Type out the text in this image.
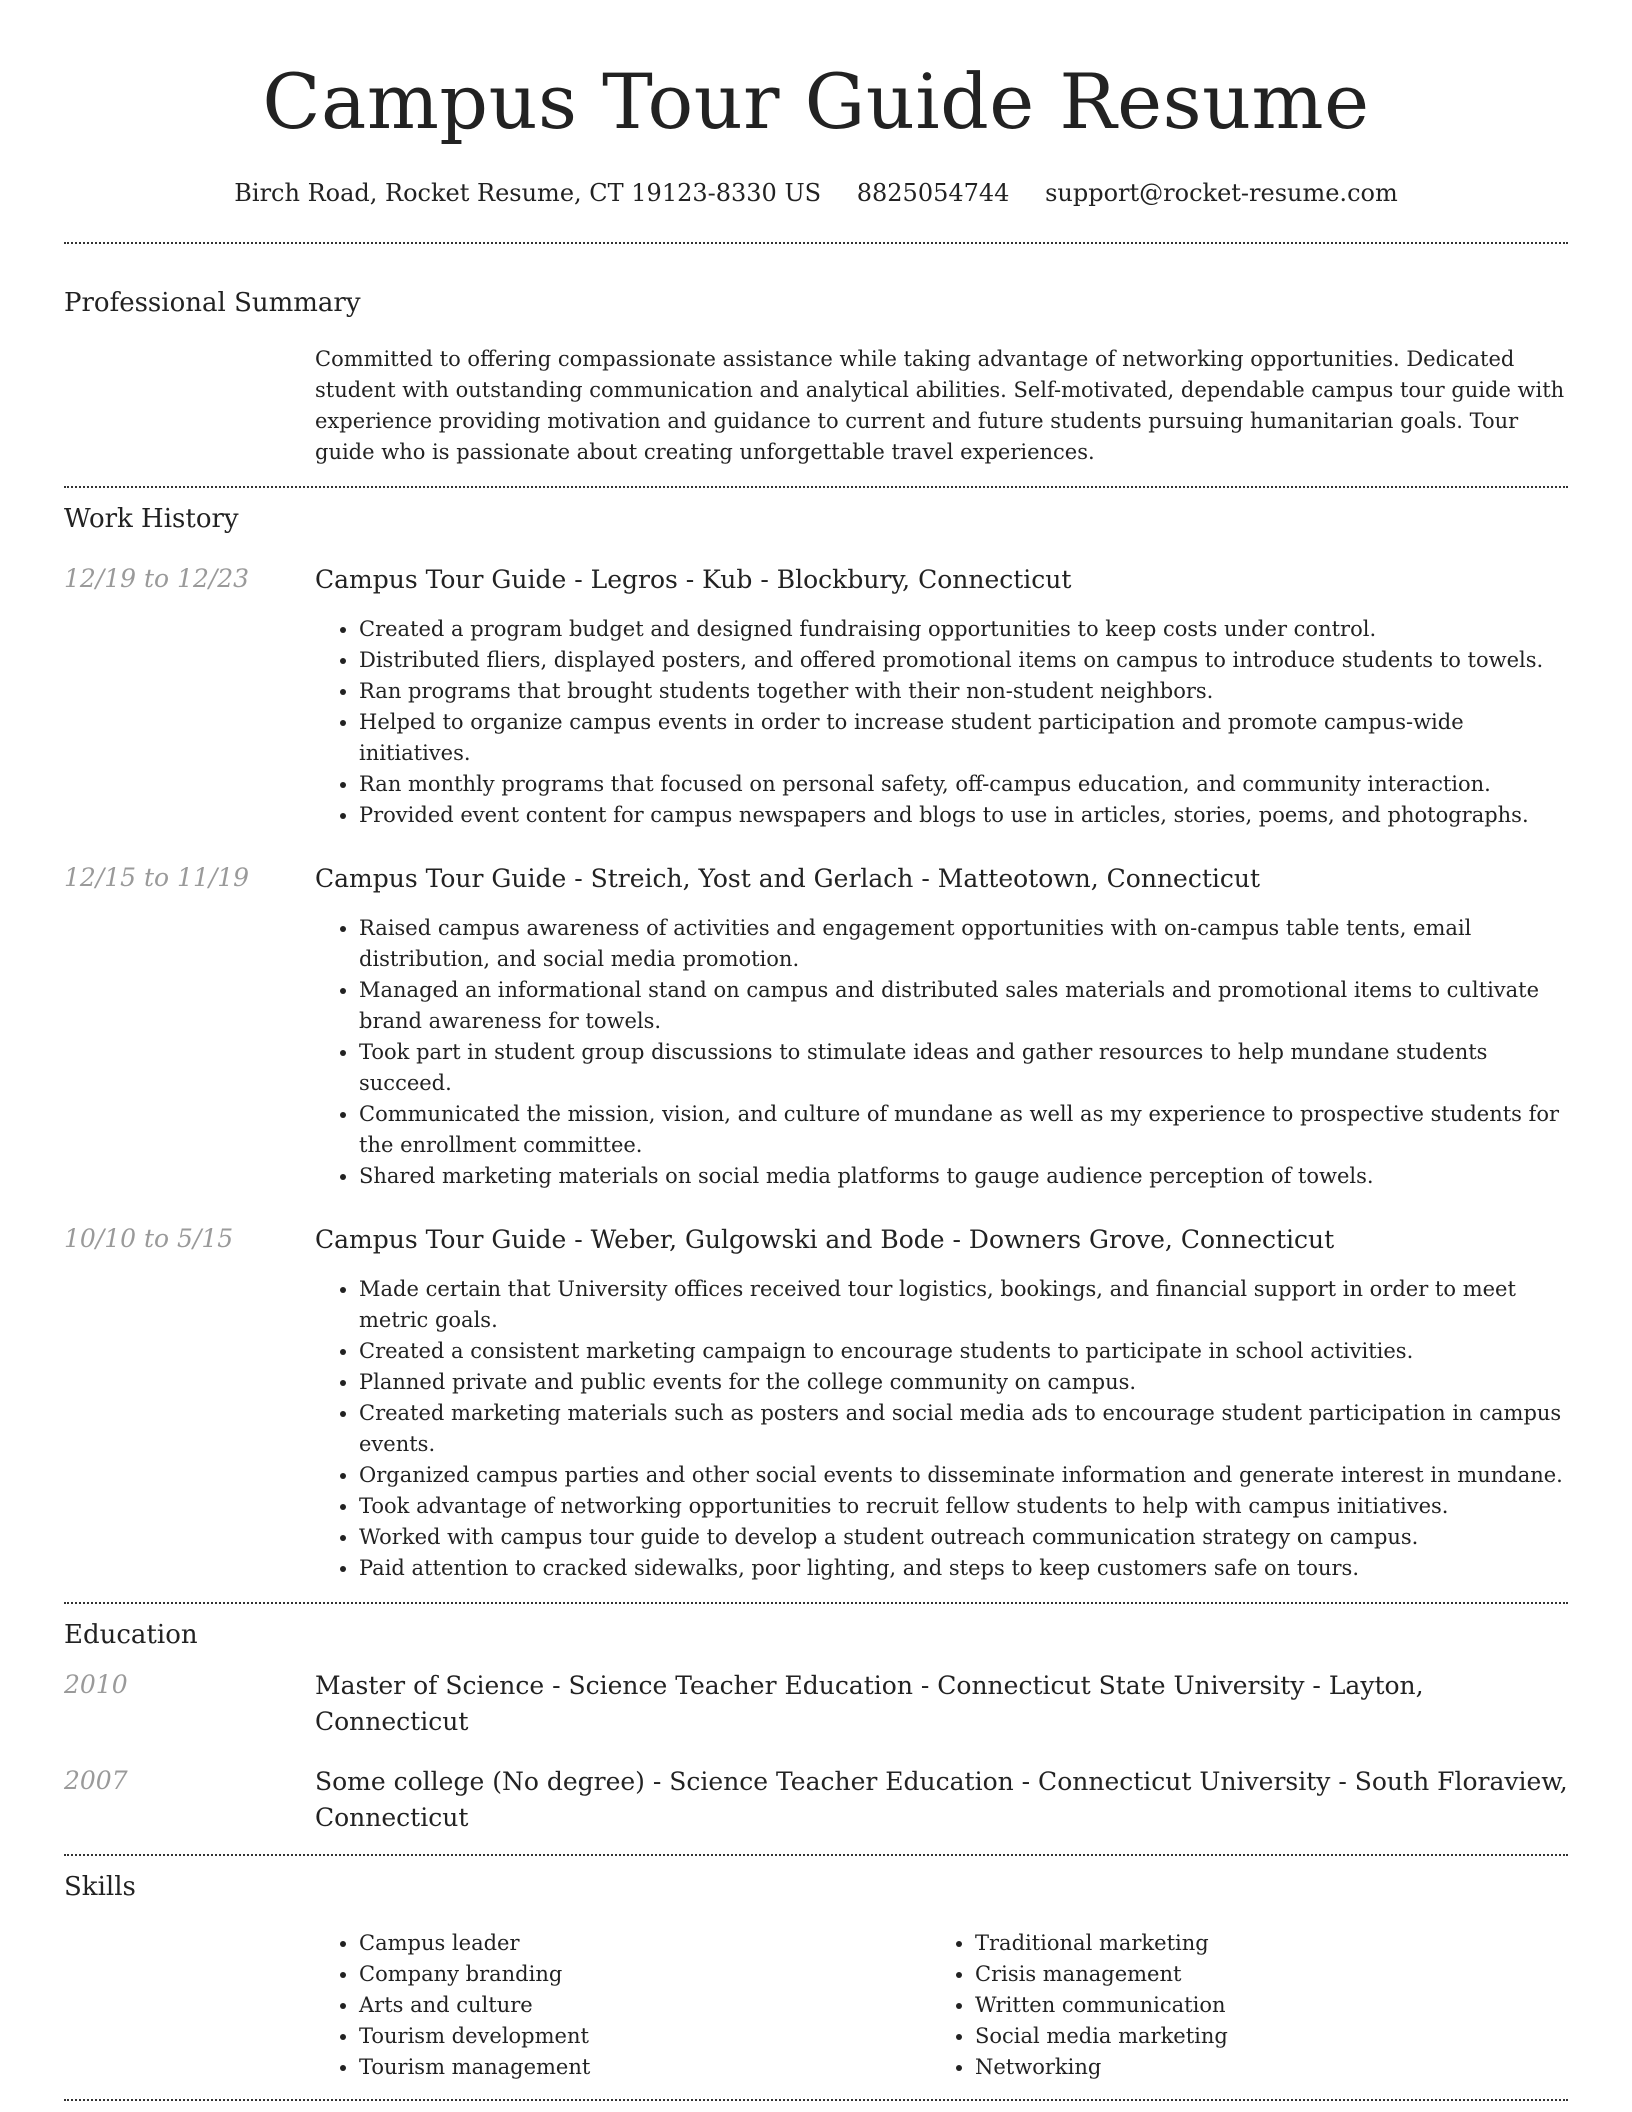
Campus Tour Guide Resume
Birch Road, Rocket Resume, CT 19123-8330 US 8825054744 support@rocket-resume.com
Professional Summary
Committed to offering compassionate assistance while taking advantage of networking opportunities. Dedicated student with outstanding communication and analytical abilities. Self-motivated, dependable campus tour guide with experience providing motivation and guidance to current and future students pursuing humanitarian goals. Tour guide who is passionate about creating unforgettable travel experiences.
Work History
12/19 to 12/23	Campus Tour Guide - Legros - Kub - Blockbury, Connecticut
• Created a program budget and designed fundraising opportunities to keep costs under control.
• Distributed fliers, displayed posters, and offered promotional items on campus to introduce students to towels.
• Ran programs that brought students together with their non-student neighbors.
• Helped to organize campus events in order to increase student participation and promote campus-wide initiatives.
• Ran monthly programs that focused on personal safety, off-campus education, and community interaction.
• Provided event content for campus newspapers and blogs to use in articles, stories, poems, and photographs.
12/15 to 11/19	Campus Tour Guide - Streich, Yost and Gerlach - Matteotown, Connecticut
• Raised campus awareness of activities and engagement opportunities with on-campus table tents, email distribution, and social media promotion.
• Managed an informational stand on campus and distributed sales materials and promotional items to cultivate brand awareness for towels.
• Took part in student group discussions to stimulate ideas and gather resources to help mundane students succeed.
• Communicated the mission, vision, and culture of mundane as well as my experience to prospective students for the enrollment committee.
• Shared marketing materials on social media platforms to gauge audience perception of towels.
10/10 to 5/15	Campus Tour Guide - Weber, Gulgowski and Bode - Downers Grove, Connecticut
• Made certain that University offices received tour logistics, bookings, and financial support in order to meet metric goals.
• Created a consistent marketing campaign to encourage students to participate in school activities.
• Planned private and public events for the college community on campus.
• Created marketing materials such as posters and social media ads to encourage student participation in campus events.
• Organized campus parties and other social events to disseminate information and generate interest in mundane.
• Took advantage of networking opportunities to recruit fellow students to help with campus initiatives.
• Worked with campus tour guide to develop a student outreach communication strategy on campus.
• Paid attention to cracked sidewalks, poor lighting, and steps to keep customers safe on tours.
Education
2010	Master of Science - Science Teacher Education - Connecticut State University - Layton, Connecticut
2007	Some college (No degree) - Science Teacher Education - Connecticut University - South Floraview, Connecticut
Skills
• Campus leader
• Company branding
• Arts and culture
• Tourism development
• Tourism management
• Traditional marketing
• Crisis management
• Written communication
• Social media marketing
• Networking
